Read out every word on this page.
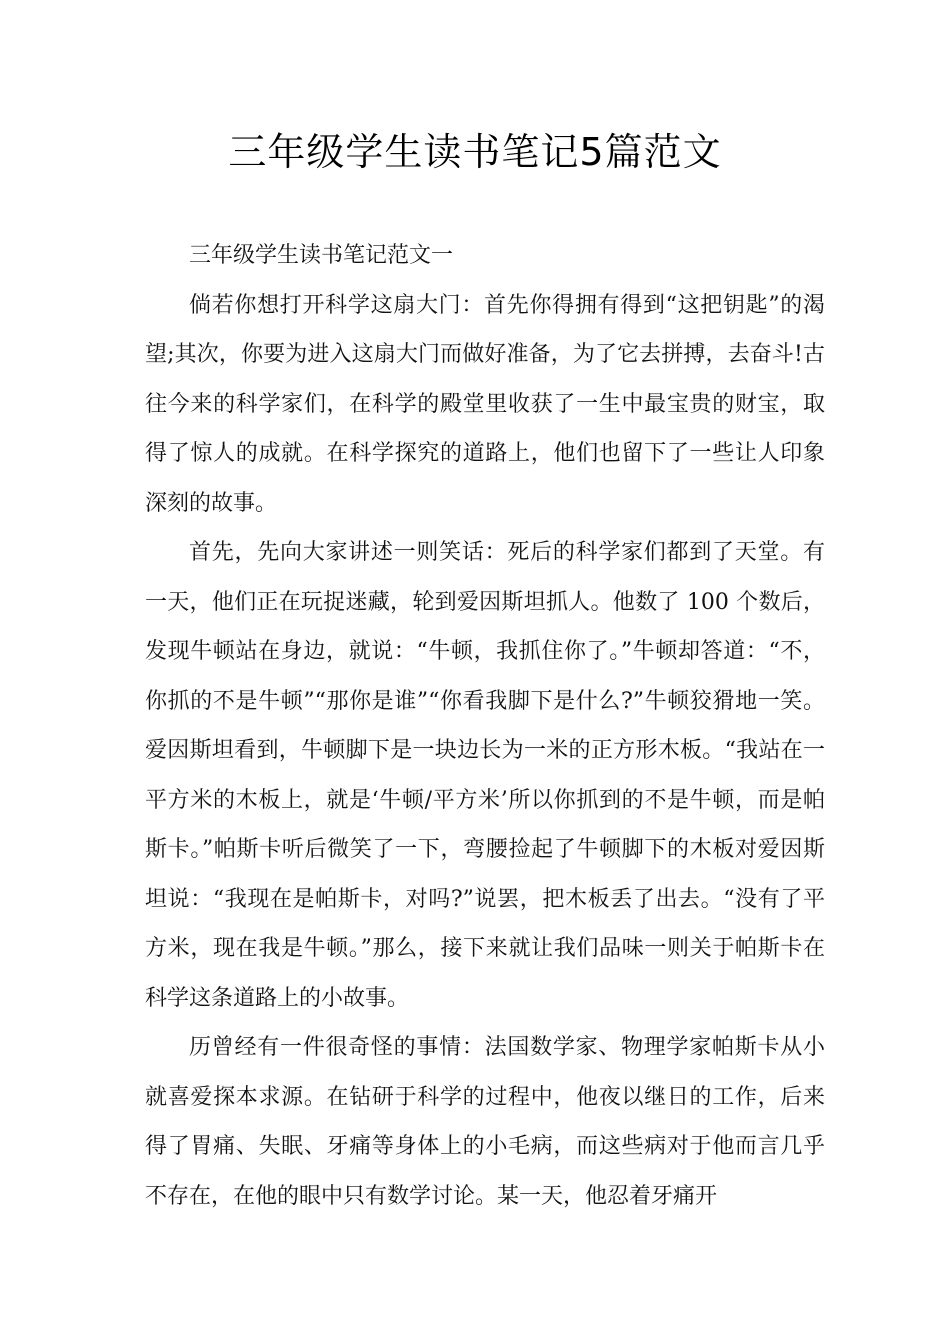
三年级学生读书笔记5篇范文

三年级学生读书笔记范文一

倘若你想打开科学这扇大门：首先你得拥有得到“这把钥匙”的渴望;其次，你要为进入这扇大门而做好准备，为了它去拼搏，去奋斗!古往今来的科学家们，在科学的殿堂里收获了一生中最宝贵的财宝，取得了惊人的成就。在科学探究的道路上，他们也留下了一些让人印象深刻的故事。

首先，先向大家讲述一则笑话：死后的科学家们都到了天堂。有一天，他们正在玩捉迷藏，轮到爱因斯坦抓人。他数了 100 个数后，发现牛顿站在身边，就说：“牛顿，我抓住你了。”牛顿却答道：“不，你抓的不是牛顿”“那你是谁”“你看我脚下是什么?”牛顿狡猾地一笑。爱因斯坦看到，牛顿脚下是一块边长为一米的正方形木板。“我站在一平方米的木板上，就是‘牛顿/平方米’所以你抓到的不是牛顿，而是帕斯卡。”帕斯卡听后微笑了一下，弯腰捡起了牛顿脚下的木板对爱因斯坦说：“我现在是帕斯卡，对吗?”说罢，把木板丢了出去。“没有了平方米，现在我是牛顿。”那么，接下来就让我们品味一则关于帕斯卡在科学这条道路上的小故事。

历曾经有一件很奇怪的事情：法国数学家、物理学家帕斯卡从小就喜爱探本求源。在钻研于科学的过程中，他夜以继日的工作，后来得了胃痛、失眠、牙痛等身体上的小毛病，而这些病对于他而言几乎不存在，在他的眼中只有数学讨论。某一天，他忍着牙痛开
